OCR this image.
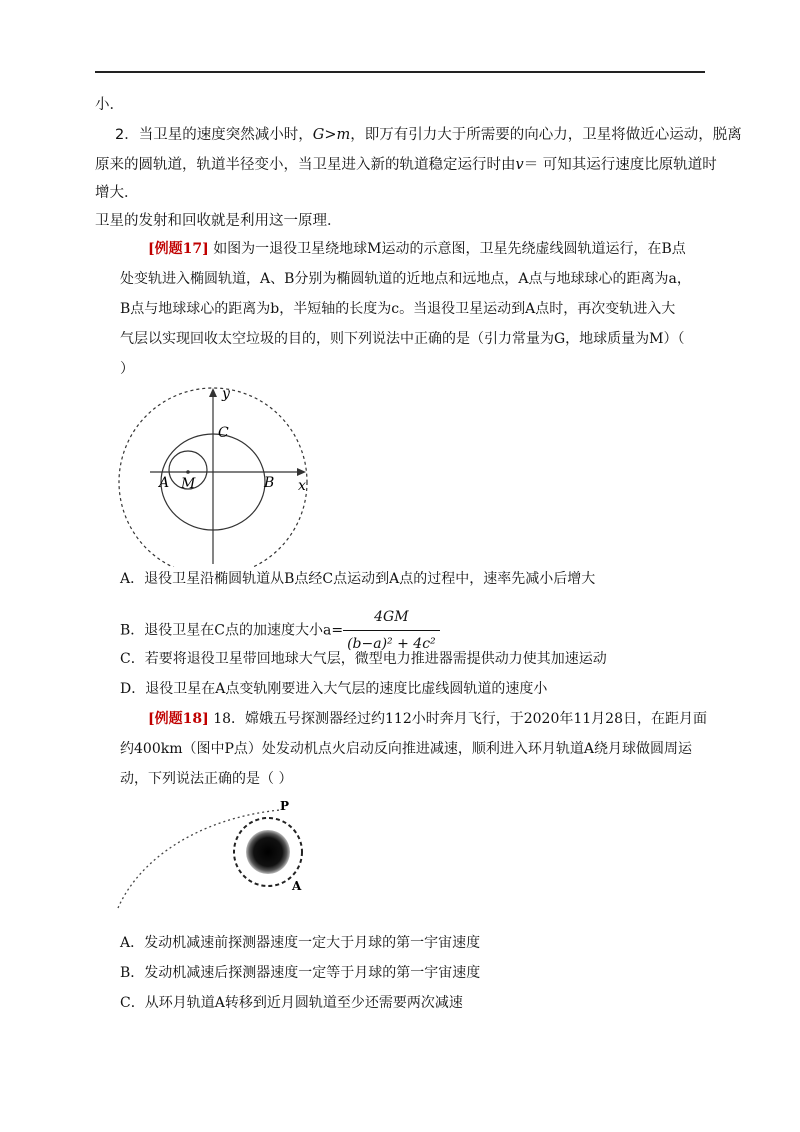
小．
2．当卫星的速度突然减小时，G>m，即万有引力大于所需要的向心力，卫星将做近心运动，脱离
原来的圆轨道，轨道半径变小，当卫星进入新的轨道稳定运行时由v＝ 可知其运行速度比原轨道时
增大．
卫星的发射和回收就是利用这一原理．
[例题17] 如图为一退役卫星绕地球M运动的示意图，卫星先绕虚线圆轨道运行，在B点
处变轨进入椭圆轨道，A、B分别为椭圆轨道的近地点和远地点，A点与地球球心的距离为a，
B点与地球球心的距离为b，半短轴的长度为c。当退役卫星运动到A点时，再次变轨进入大
气层以实现回收太空垃圾的目的，则下列说法中正确的是（引力常量为G，地球质量为M）（
）
y
x
A M	B
C
A．退役卫星沿椭圆轨道从B点经C点运动到A点的过程中，速率先减小后增大
B．退役卫星在C点的加速度大小$a= \frac{4GM}{\text{(b−a)² + 4c²}}$
C．若要将退役卫星带回地球大气层，微型电力推进器需提供动力使其加速运动
D．退役卫星在A点变轨刚要进入大气层的速度比虚线圆轨道的速度小
[例题18] 18．嫦娥五号探测器经过约112小时奔月飞行，于2020年11月28日，在距月面
约400km（图中P点）处发动机点火启动反向推进减速，顺利进入环月轨道A绕月球做圆周运
动，下列说法正确的是（ ）
P
A
A．发动机减速前探测器速度一定大于月球的第一宇宙速度
B．发动机减速后探测器速度一定等于月球的第一宇宙速度
C．从环月轨道A转移到近月圆轨道至少还需要两次减速
